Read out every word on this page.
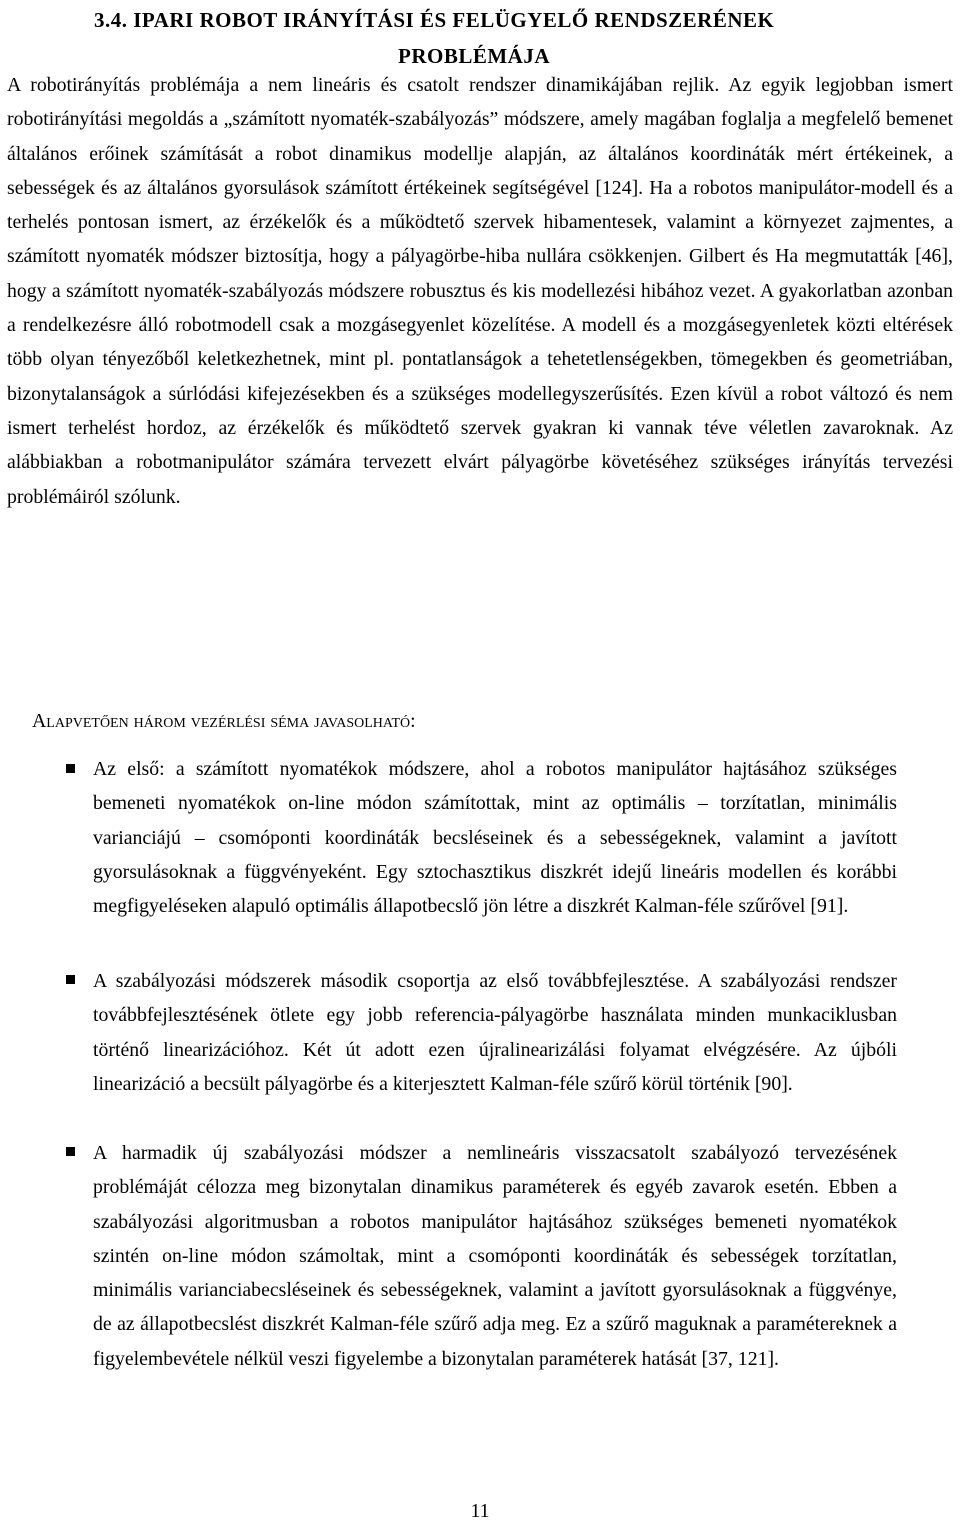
3.4. IPARI ROBOT IRÁNYÍTÁSI ÉS FELÜGYELŐ RENDSZERÉNEK
PROBLÉMÁJA

A robotirányítás problémája a nem lineáris és csatolt rendszer dinamikájában rejlik. Az egyik legjobban ismert robotirányítási megoldás a „számított nyomaték-szabályozás” módszere, amely magában foglalja a megfelelő bemenet általános erőinek számítását a robot dinamikus modellje alapján, az általános koordináták mért értékeinek, a sebességek és az általános gyorsulások számított értékeinek segítségével [124]. Ha a robotos manipulátor-modell és a terhelés pontosan ismert, az érzékelők és a működtető szervek hibamentesek, valamint a környezet zajmentes, a számított nyomaték módszer biztosítja, hogy a pályagörbe-hiba nullára csökkenjen. Gilbert és Ha megmutatták [46], hogy a számított nyomaték-szabályozás módszere robusztus és kis modellezési hibához vezet. A gyakorlatban azonban a rendelkezésre álló robotmodell csak a mozgásegyenlet közelítése. A modell és a mozgásegyenletek közti eltérések több olyan tényezőből keletkezhetnek, mint pl. pontatlanságok a tehetetlenségekben, tömegekben és geometriában, bizonytalanságok a súrlódási kifejezésekben és a szükséges modellegyszerűsítés. Ezen kívül a robot változó és nem ismert terhelést hordoz, az érzékelők és működtető szervek gyakran ki vannak téve véletlen zavaroknak. Az alábbiakban a robotmanipulátor számára tervezett elvárt pályagörbe követéséhez szükséges irányítás tervezési problémáiról szólunk.

Alapvetően három vezérlési séma javasolható:

Az első: a számított nyomatékok módszere, ahol a robotos manipulátor hajtásához szükséges bemeneti nyomatékok on-line módon számítottak, mint az optimális – torzítatlan, minimális varianciájú – csomóponti koordináták becsléseinek és a sebességeknek, valamint a javított gyorsulásoknak a függvényeként. Egy sztochasztikus diszkrét idejű lineáris modellen és korábbi megfigyeléseken alapuló optimális állapotbecslő jön létre a diszkrét Kalman-féle szűrővel [91].

A szabályozási módszerek második csoportja az első továbbfejlesztése. A szabályozási rendszer továbbfejlesztésének ötlete egy jobb referencia-pályagörbe használata minden munkaciklusban történő linearizációhoz. Két út adott ezen újralinearizálási folyamat elvégzésére. Az újbóli linearizáció a becsült pályagörbe és a kiterjesztett Kalman-féle szűrő körül történik [90].

A harmadik új szabályozási módszer a nemlineáris visszacsatolt szabályozó tervezésének problémáját célozza meg bizonytalan dinamikus paraméterek és egyéb zavarok esetén. Ebben a szabályozási algoritmusban a robotos manipulátor hajtásához szükséges bemeneti nyomatékok szintén on-line módon számoltak, mint a csomóponti koordináták és sebességek torzítatlan, minimális varianciabecsléseinek és sebességeknek, valamint a javított gyorsulásoknak a függvénye, de az állapotbecslést diszkrét Kalman-féle szűrő adja meg. Ez a szűrő maguknak a paramétereknek a figyelembevétele nélkül veszi figyelembe a bizonytalan paraméterek hatását [37, 121].

11
